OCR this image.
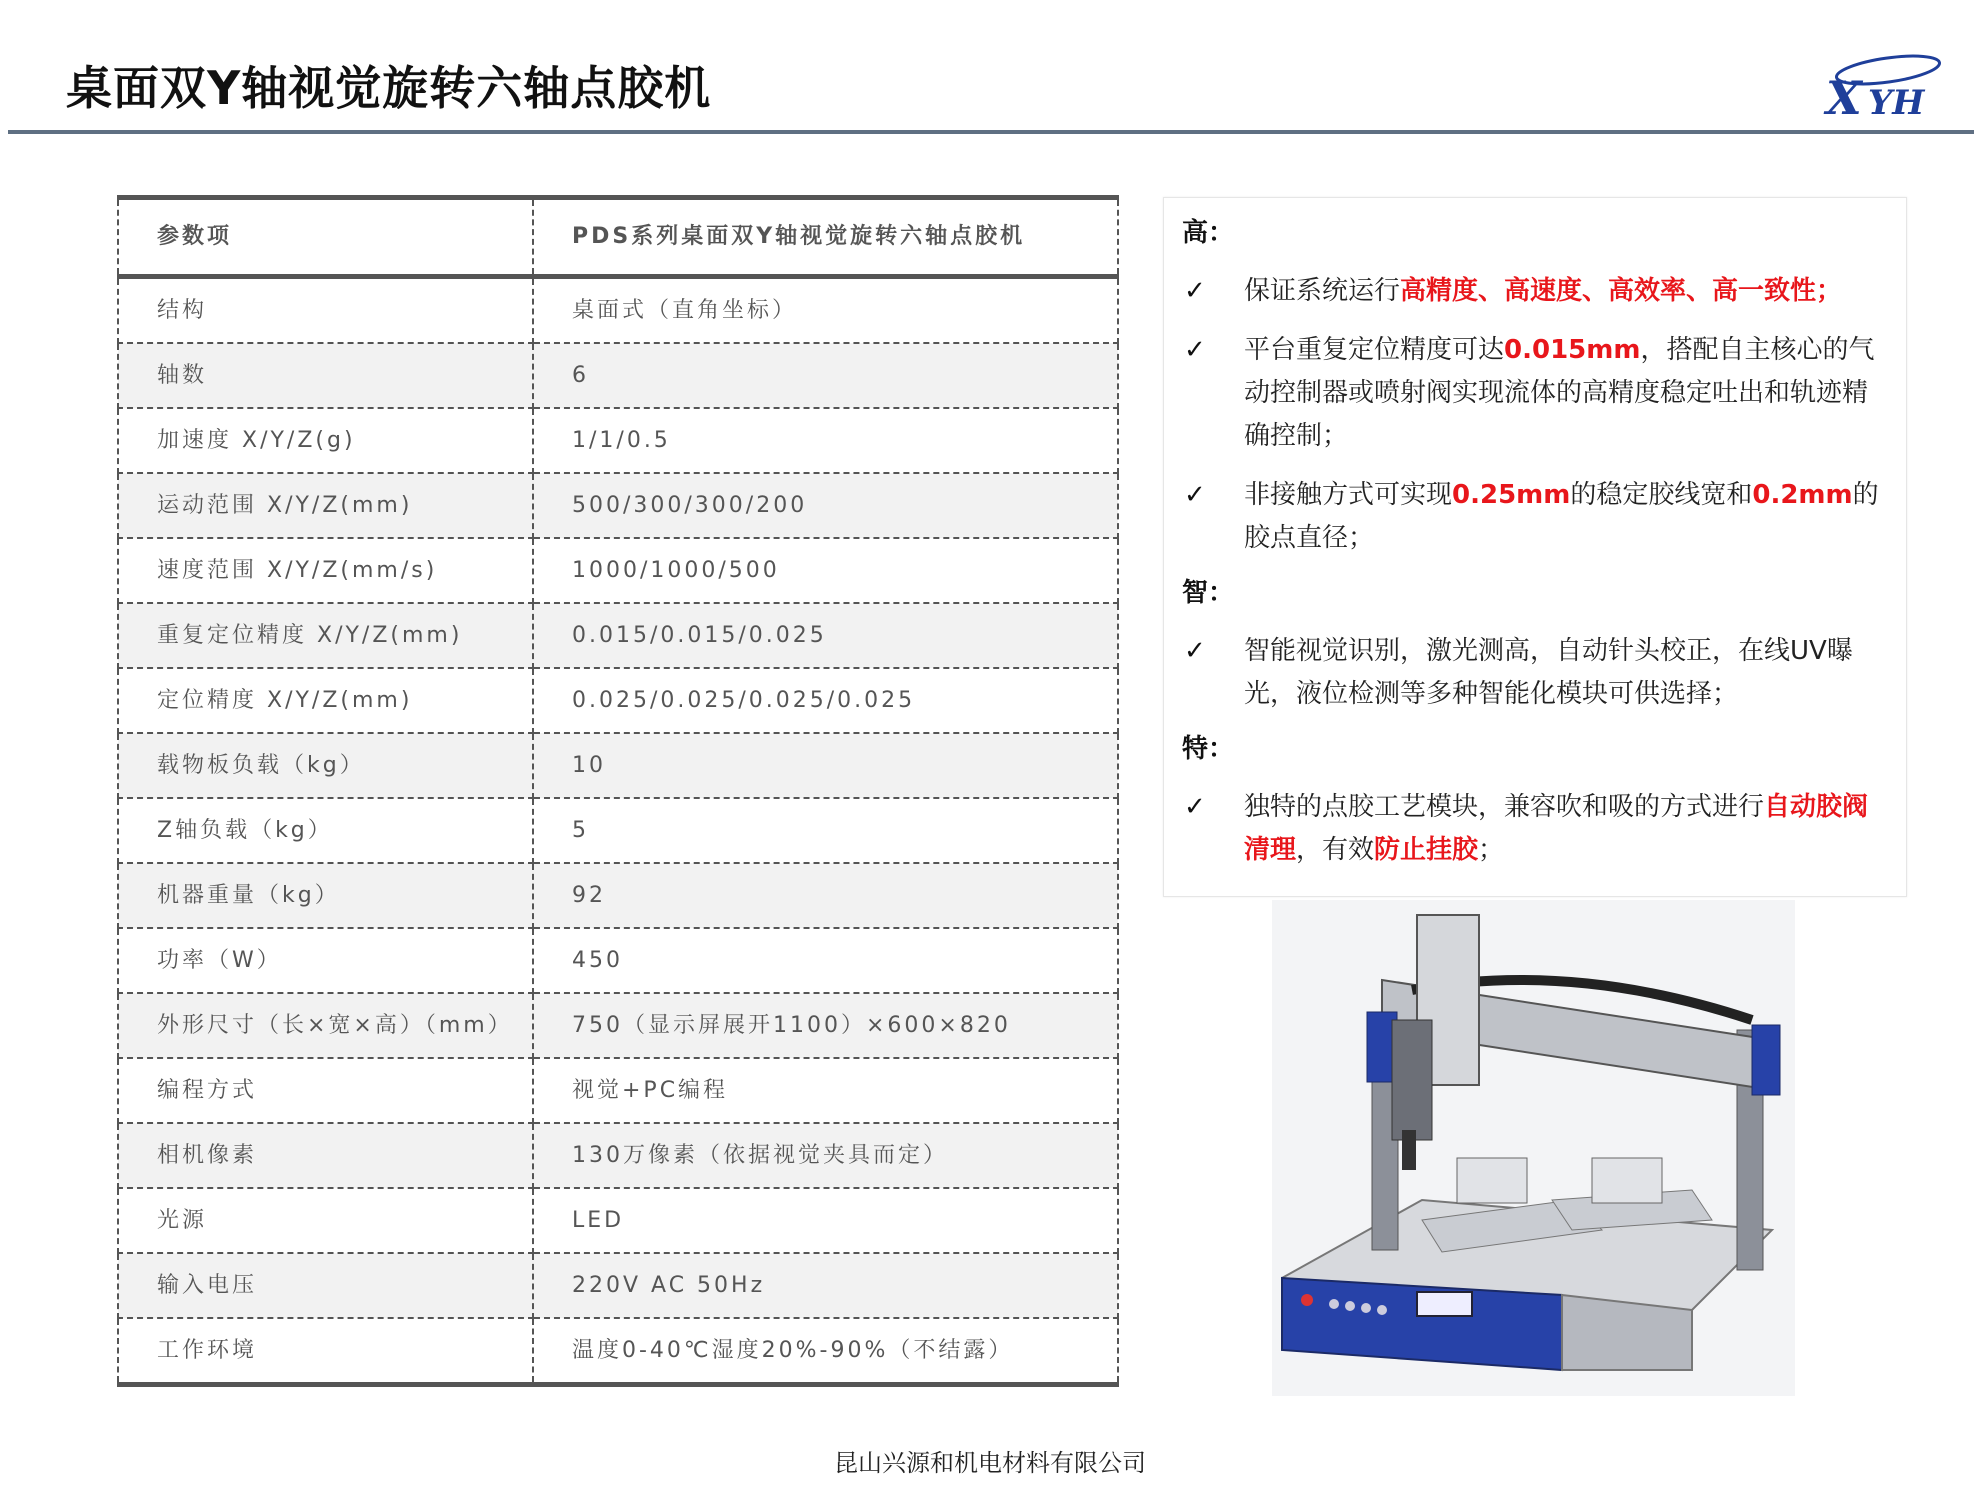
桌面双Y轴视觉旋转六轴点胶机	X YH
参数项	PDS系列桌面双Y轴视觉旋转六轴点胶机
结构	桌面式（直角坐标）
轴数	6
加速度 X/Y/Z(g)	1/1/0.5
运动范围 X/Y/Z(mm)	500/300/300/200
速度范围 X/Y/Z(mm/s)	1000/1000/500
重复定位精度 X/Y/Z(mm)	0.015/0.015/0.025
定位精度 X/Y/Z(mm)	0.025/0.025/0.025/0.025
载物板负载（kg）	10
Z轴负载（kg）	5
机器重量（kg）	92
功率（W）	450
外形尺寸（长×宽×高）（mm）	750（显示屏展开1100）×600×820
编程方式	视觉+PC编程
相机像素	130万像素（依据视觉夹具而定）
光源	LED
输入电压	220V AC 50Hz
工作环境	温度0-40℃湿度20%-90%（不结露）
高：
✓ 保证系统运行高精度、高速度、高效率、高一致性；
✓ 平台重复定位精度可达0.015mm，搭配自主核心的气动控制器或喷射阀实现流体的高精度稳定吐出和轨迹精确控制；
✓ 非接触方式可实现0.25mm的稳定胶线宽和0.2mm的胶点直径；
智：
✓ 智能视觉识别，激光测高，自动针头校正，在线UV曝光，液位检测等多种智能化模块可供选择；
特：
✓ 独特的点胶工艺模块，兼容吹和吸的方式进行自动胶阀清理，有效防止挂胶；
昆山兴源和机电材料有限公司
